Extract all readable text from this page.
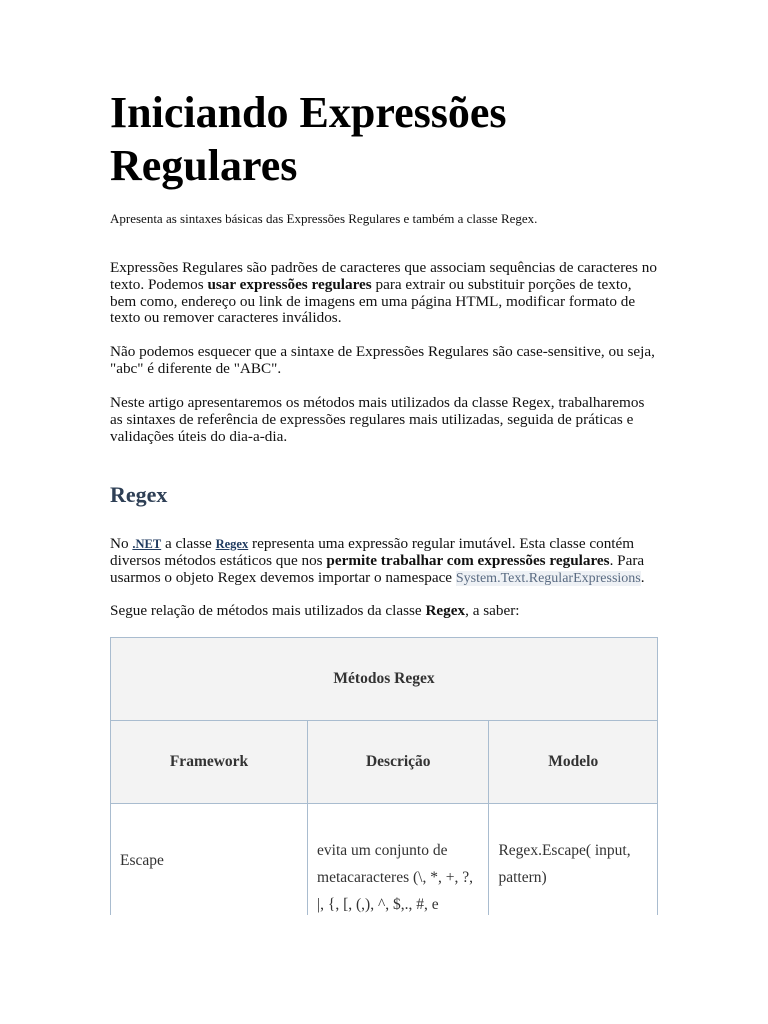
Iniciando Expressões Regulares

Apresenta as sintaxes básicas das Expressões Regulares e também a classe Regex.

Expressões Regulares são padrões de caracteres que associam sequências de caracteres no texto. Podemos usar expressões regulares para extrair ou substituir porções de texto, bem como, endereço ou link de imagens em uma página HTML, modificar formato de texto ou remover caracteres inválidos.

Não podemos esquecer que a sintaxe de Expressões Regulares são case-sensitive, ou seja, "abc" é diferente de "ABC".

Neste artigo apresentaremos os métodos mais utilizados da classe Regex, trabalharemos as sintaxes de referência de expressões regulares mais utilizadas, seguida de práticas e validações úteis do dia-a-dia.

Regex

No .NET a classe Regex representa uma expressão regular imutável. Esta classe contém diversos métodos estáticos que nos permite trabalhar com expressões regulares. Para usarmos o objeto Regex devemos importar o namespace System.Text.RegularExpressions.

Segue relação de métodos mais utilizados da classe Regex, a saber:

Métodos Regex		
Framework	Descrição	Modelo
Escape	evita um conjunto de metacaracteres (\, *, +, ?, |, {, [, (,), ^, $,., #, e	Regex.Escape( input, pattern)
